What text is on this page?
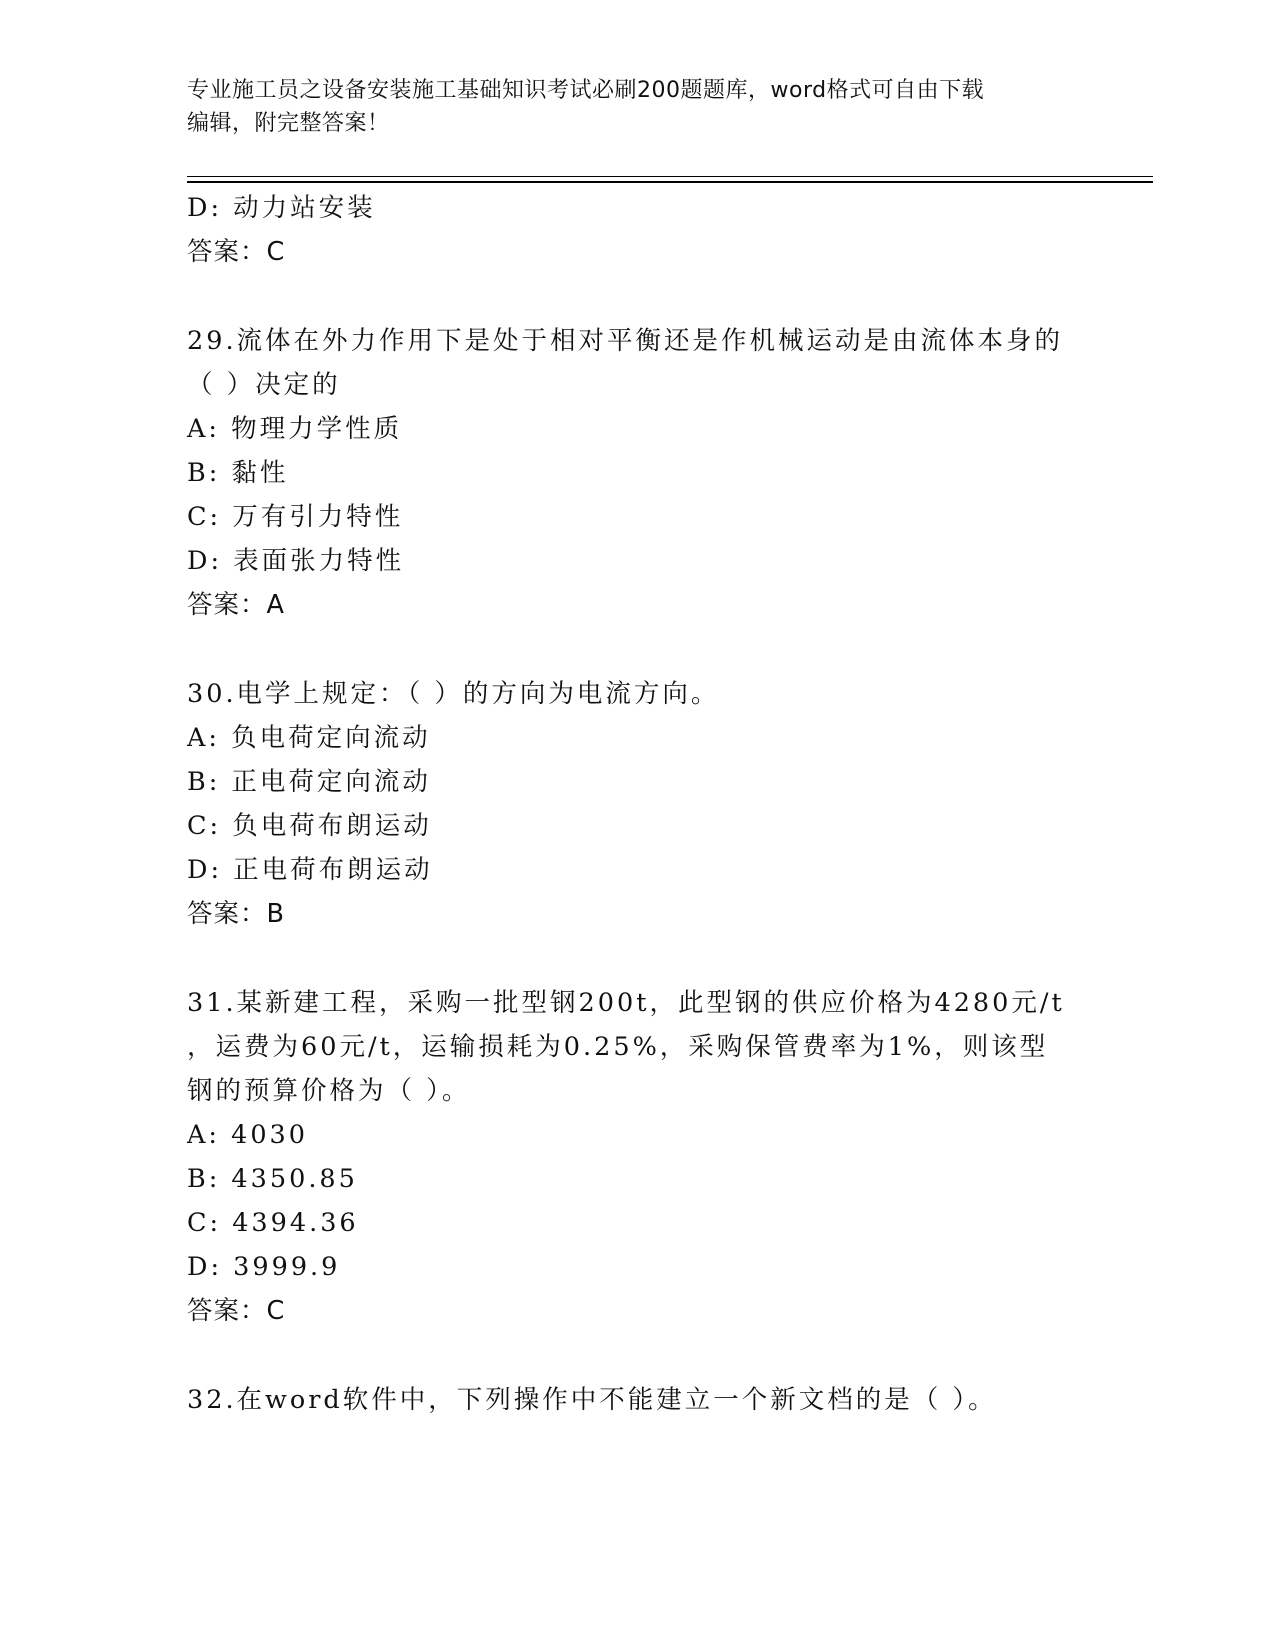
专业施工员之设备安装施工基础知识考试必刷200题题库，word格式可自由下载
编辑，附完整答案！
D: 动力站安装
答案：C
29.流体在外力作用下是处于相对平衡还是作机械运动是由流体本身的
（ ）决定的
A: 物理力学性质
B: 黏性
C: 万有引力特性
D: 表面张力特性
答案：A
30.电学上规定：（ ）的方向为电流方向。
A: 负电荷定向流动
B: 正电荷定向流动
C: 负电荷布朗运动
D: 正电荷布朗运动
答案：B
31.某新建工程，采购一批型钢200t，此型钢的供应价格为4280元/t
，运费为60元/t，运输损耗为0.25%，采购保管费率为1%，则该型
钢的预算价格为（ ）。
A: 4030
B: 4350.85
C: 4394.36
D: 3999.9
答案：C
32.在word软件中，下列操作中不能建立一个新文档的是（ ）。
